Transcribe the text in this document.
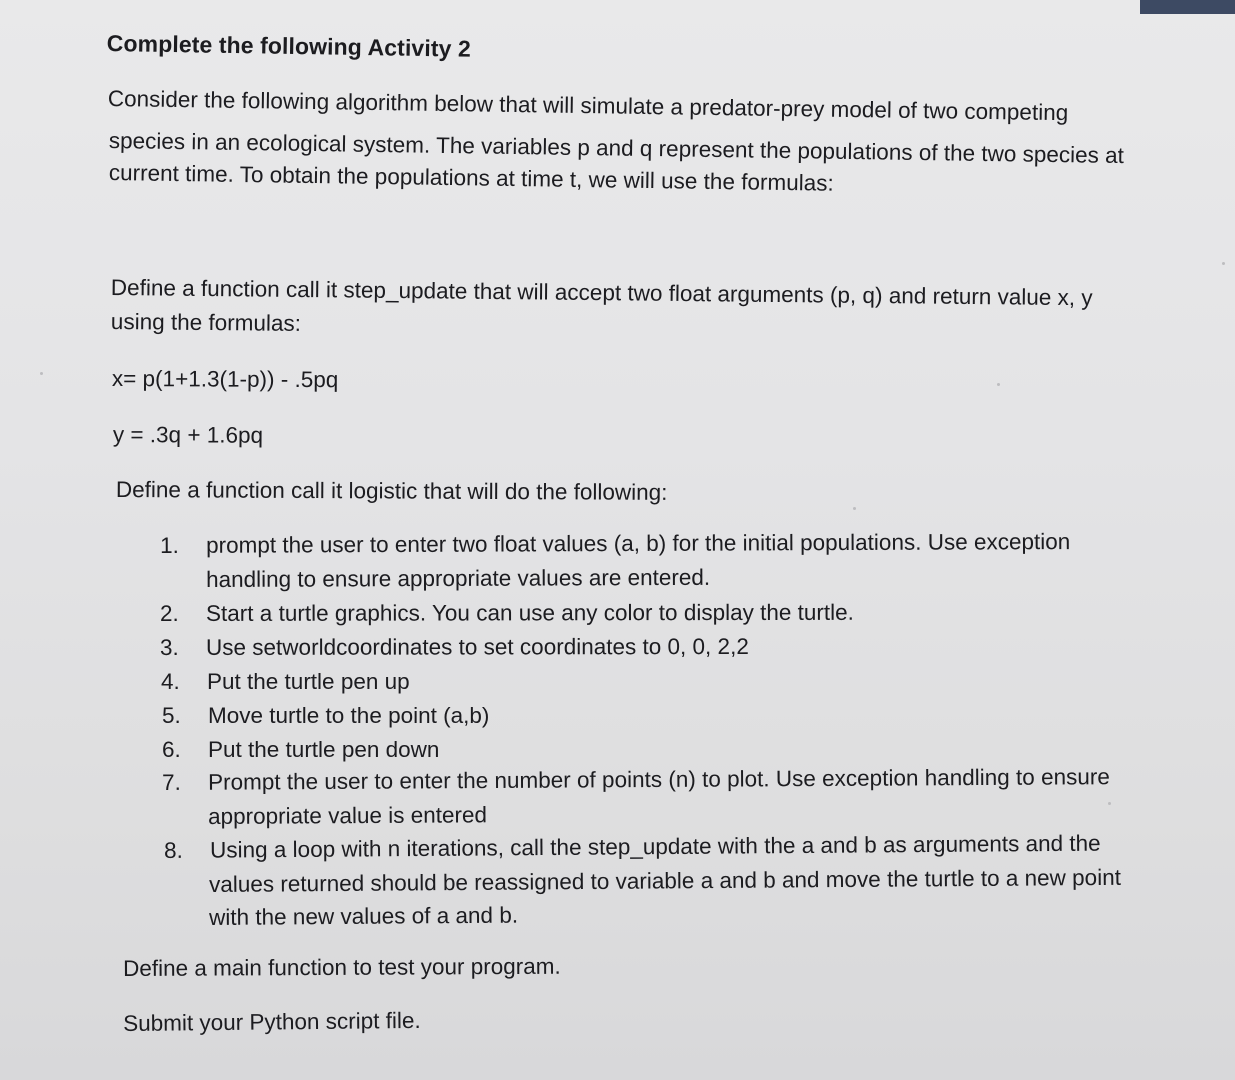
Complete the following Activity 2
Consider the following algorithm below that will simulate a predator-prey model of two competing
species in an ecological system. The variables p and q represent the populations of the two species at
current time. To obtain the populations at time t, we will use the formulas:
Define a function call it step_update that will accept two float arguments (p, q) and return value x, y
using the formulas:
x= p(1+1.3(1-p)) - .5pq
y = .3q + 1.6pq
Define a function call it logistic that will do the following:
1. prompt the user to enter two float values (a, b) for the initial populations. Use exception
handling to ensure appropriate values are entered.
2. Start a turtle graphics. You can use any color to display the turtle.
3. Use setworldcoordinates to set coordinates to 0, 0, 2,2
4. Put the turtle pen up
5. Move turtle to the point (a,b)
6. Put the turtle pen down
7. Prompt the user to enter the number of points (n) to plot. Use exception handling to ensure
appropriate value is entered
8. Using a loop with n iterations, call the step_update with the a and b as arguments and the
values returned should be reassigned to variable a and b and move the turtle to a new point
with the new values of a and b.
Define a main function to test your program.
Submit your Python script file.
